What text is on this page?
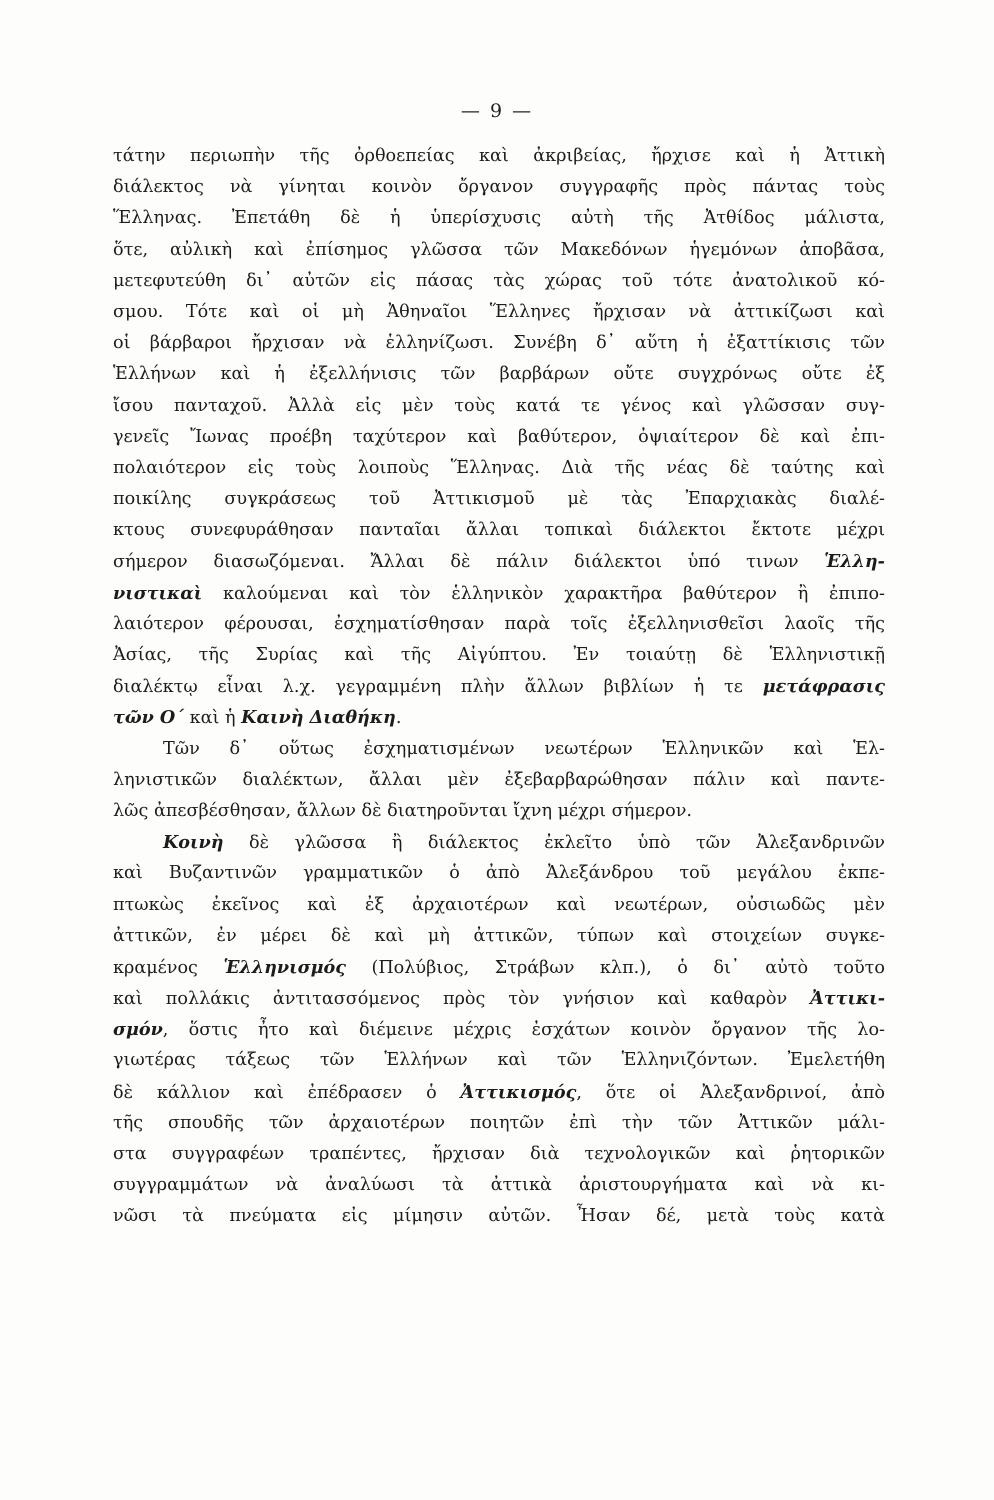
— 9 —
τάτην περιωπὴν τῆς ὀρθοεπείας καὶ ἀκριβείας, ἤρχισε καὶ ἡ Ἀττικὴ
διάλεκτος νὰ γίνηται κοινὸν ὄργανον συγγραφῆς πρὸς πάντας τοὺς
Ἕλληνας. Ἐπετάθη δὲ ἡ ὑπερίσχυσις αὐτὴ τῆς Ἀτθίδος μάλιστα,
ὅτε, αὐλικὴ καὶ ἐπίσημος γλῶσσα τῶν Μακεδόνων ἡγεμόνων ἀποβᾶσα,
μετεφυτεύθη δι᾽ αὐτῶν εἰς πάσας τὰς χώρας τοῦ τότε ἀνατολικοῦ κό-
σμου. Τότε καὶ οἱ μὴ Ἀθηναῖοι Ἕλληνες ἤρχισαν νὰ ἀττικίζωσι καὶ
οἱ βάρβαροι ἤρχισαν νὰ ἑλληνίζωσι. Συνέβη δ᾽ αὕτη ἡ ἐξαττίκισις τῶν
Ἑλλήνων καὶ ἡ ἐξελλήνισις τῶν βαρβάρων οὔτε συγχρόνως οὔτε ἐξ
ἴσου πανταχοῦ. Ἀλλὰ εἰς μὲν τοὺς κατά τε γένος καὶ γλῶσσαν συγ-
γενεῖς Ἴωνας προέβη ταχύτερον καὶ βαθύτερον, ὀψιαίτερον δὲ καὶ ἐπι-
πολαιότερον εἰς τοὺς λοιποὺς Ἕλληνας. Διὰ τῆς νέας δὲ ταύτης καὶ
ποικίλης συγκράσεως τοῦ Ἀττικισμοῦ μὲ τὰς Ἐπαρχιακὰς διαλέ-
κτους συνεφυράθησαν πανταῖαι ἄλλαι τοπικαὶ διάλεκτοι ἔκτοτε μέχρι
σήμερον διασωζόμεναι. Ἄλλαι δὲ πάλιν διάλεκτοι ὑπό τινων Ἑλλη-
νιστικαὶ καλούμεναι καὶ τὸν ἑλληνικὸν χαρακτῆρα βαθύτερον ἢ ἐπιπο-
λαιότερον φέρουσαι, ἐσχηματίσθησαν παρὰ τοῖς ἐξελληνισθεῖσι λαοῖς τῆς
Ἀσίας, τῆς Συρίας καὶ τῆς Αἰγύπτου. Ἐν τοιαύτῃ δὲ Ἑλληνιστικῇ
διαλέκτῳ εἶναι λ.χ. γεγραμμένη πλὴν ἄλλων βιβλίων ἡ τε μετάφρασις
τῶν Ο´ καὶ ἡ Καινὴ Διαθήκη.
Τῶν δ᾽ οὕτως ἐσχηματισμένων νεωτέρων Ἑλληνικῶν καὶ Ἑλ-
ληνιστικῶν διαλέκτων, ἄλλαι μὲν ἐξεβαρβαρώθησαν πάλιν καὶ παντε-
λῶς ἀπεσβέσθησαν, ἄλλων δὲ διατηροῦνται ἴχνη μέχρι σήμερον.
Κοινὴ δὲ γλῶσσα ἢ διάλεκτος ἐκλεῖτο ὑπὸ τῶν Ἀλεξανδρινῶν
καὶ Βυζαντινῶν γραμματικῶν ὁ ἀπὸ Ἀλεξάνδρου τοῦ μεγάλου ἐκπε-
πτωκὼς ἐκεῖνος καὶ ἐξ ἀρχαιοτέρων καὶ νεωτέρων, οὐσιωδῶς μὲν
ἀττικῶν, ἐν μέρει δὲ καὶ μὴ ἀττικῶν, τύπων καὶ στοιχείων συγκε-
κραμένος Ἑλληνισμός (Πολύβιος, Στράβων κλπ.), ὁ δι᾽ αὐτὸ τοῦτο
καὶ πολλάκις ἀντιτασσόμενος πρὸς τὸν γνήσιον καὶ καθαρὸν Ἀττικι-
σμόν, ὅστις ἦτο καὶ διέμεινε μέχρις ἐσχάτων κοινὸν ὄργανον τῆς λο-
γιωτέρας τάξεως τῶν Ἑλλήνων καὶ τῶν Ἑλληνιζόντων. Ἐμελετήθη
δὲ κάλλιον καὶ ἐπέδρασεν ὁ Ἀττικισμός, ὅτε οἱ Ἀλεξανδρινοί, ἀπὸ
τῆς σπουδῆς τῶν ἀρχαιοτέρων ποιητῶν ἐπὶ τὴν τῶν Ἀττικῶν μάλι-
στα συγγραφέων τραπέντες, ἤρχισαν διὰ τεχνολογικῶν καὶ ῥητορικῶν
συγγραμμάτων νὰ ἀναλύωσι τὰ ἀττικὰ ἀριστουργήματα καὶ νὰ κι-
νῶσι τὰ πνεύματα εἰς μίμησιν αὐτῶν. Ἦσαν δέ, μετὰ τοὺς κατὰ
